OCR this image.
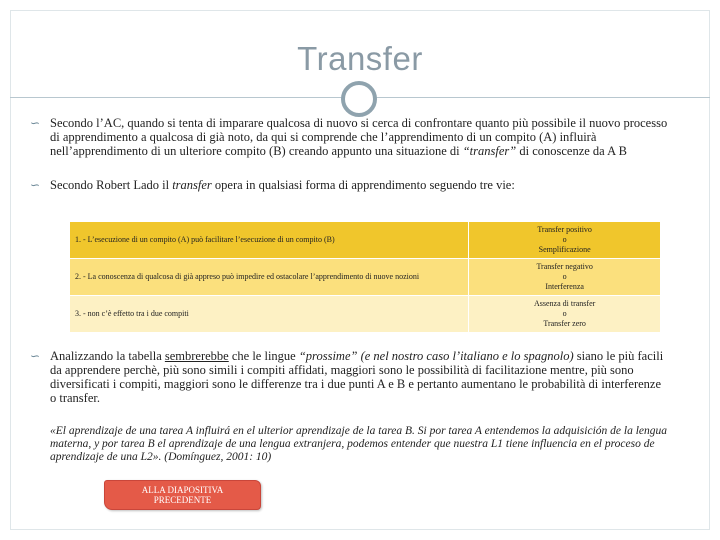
Transfer
∽ Secondo l’AC, quando si tenta di imparare qualcosa di nuovo si cerca di confrontare quanto più possibile il nuovo processo di apprendimento a qualcosa di già noto, da qui si comprende che l’apprendimento di un compito (A) influirà nell’apprendimento di un ulteriore compito (B) creando appunto una situazione di “transfer” di conoscenze da A B
∽ Secondo Robert Lado il transfer opera in qualsiasi forma di apprendimento seguendo tre vie:
1. - L’esecuzione di un compito (A) può facilitare l’esecuzione di un compito (B)	Transfer positivo
o
Semplificazione

2. - La conoscenza di qualcosa di già appreso può impedire ed ostacolare l’apprendimento di nuove nozioni	Transfer negativo
o
Interferenza

3. - non c’è effetto tra i due compiti	Assenza di transfer
o
Transfer zero
∽ Analizzando la tabella sembrerebbe che le lingue “prossime” (e nel nostro caso l’italiano e lo spagnolo) siano le più facili da apprendere perchè, più sono simili i compiti affidati, maggiori sono le possibilità di facilitazione mentre, più sono diversificati i compiti, maggiori sono le differenze tra i due punti A e B e pertanto aumentano le probabilità di interferenze o transfer.
«El aprendizaje de una tarea A influirá en el ulterior aprendizaje de la tarea B. Si por tarea A entendemos la adquisición de la lengua materna, y por tarea B el aprendizaje de una lengua extranjera, podemos entender que nuestra L1 tiene influencia en el proceso de aprendizaje de una L2». (Domínguez, 2001: 10)
ALLA DIAPOSITIVA
PRECEDENTE
